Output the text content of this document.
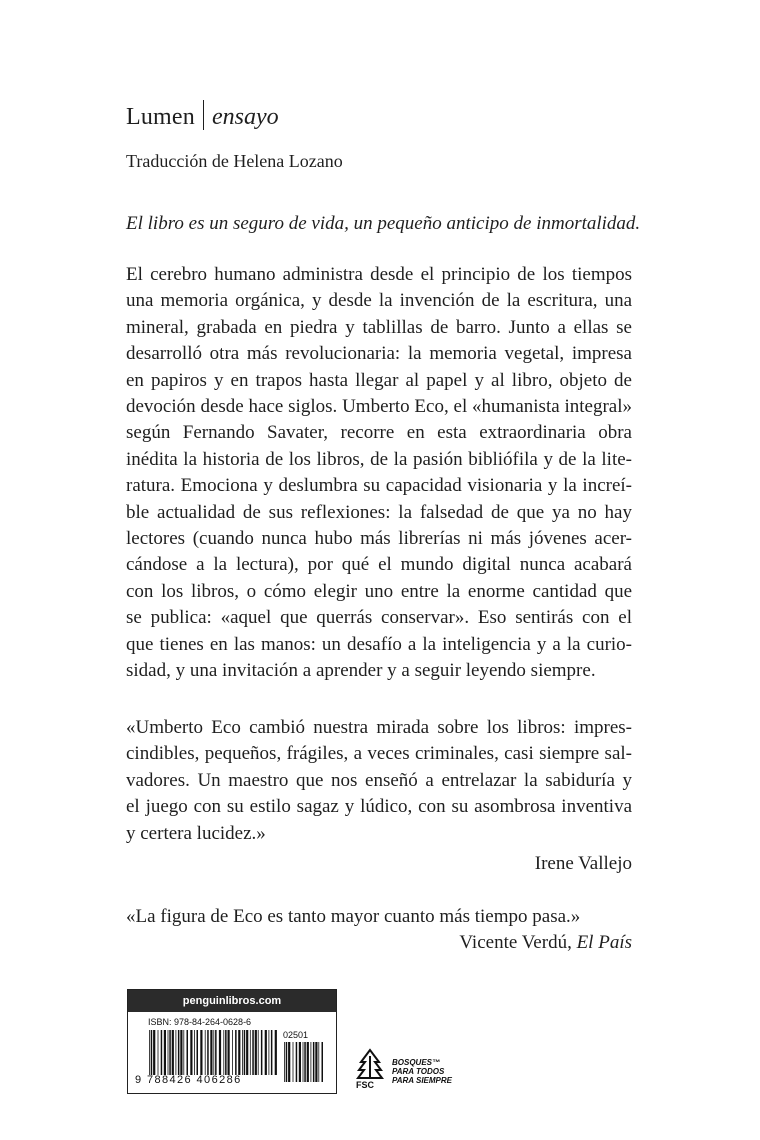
Lumen ensayo
Traducción de Helena Lozano
El libro es un seguro de vida, un pequeño anticipo de inmortalidad.
El cerebro humano administra desde el principio de los tiempos
una memoria orgánica, y desde la invención de la escritura, una
mineral, grabada en piedra y tablillas de barro. Junto a ellas se
desarrolló otra más revolucionaria: la memoria vegetal, impresa
en papiros y en trapos hasta llegar al papel y al libro, objeto de
devoción desde hace siglos. Umberto Eco, el «humanista integral»
según Fernando Savater, recorre en esta extraordinaria obra
inédita la historia de los libros, de la pasión bibliófila y de la lite-
ratura. Emociona y deslumbra su capacidad visionaria y la increí-
ble actualidad de sus reflexiones: la falsedad de que ya no hay
lectores (cuando nunca hubo más librerías ni más jóvenes acer-
cándose a la lectura), por qué el mundo digital nunca acabará
con los libros, o cómo elegir uno entre la enorme cantidad que
se publica: «aquel que querrás conservar». Eso sentirás con el
que tienes en las manos: un desafío a la inteligencia y a la curio-
sidad, y una invitación a aprender y a seguir leyendo siempre.
«Umberto Eco cambió nuestra mirada sobre los libros: impres-
cindibles, pequeños, frágiles, a veces criminales, casi siempre sal-
vadores. Un maestro que nos enseñó a entrelazar la sabiduría y
el juego con su estilo sagaz y lúdico, con su asombrosa inventiva
y certera lucidez.»
Irene Vallejo
«La figura de Eco es tanto mayor cuanto más tiempo pasa.»
Vicente Verdú, El País
penguinlibros.com
ISBN: 978-84-264-0628-6
9 788426 406286
02501
FSC
BOSQUES™
PARA TODOS
PARA SIEMPRE
